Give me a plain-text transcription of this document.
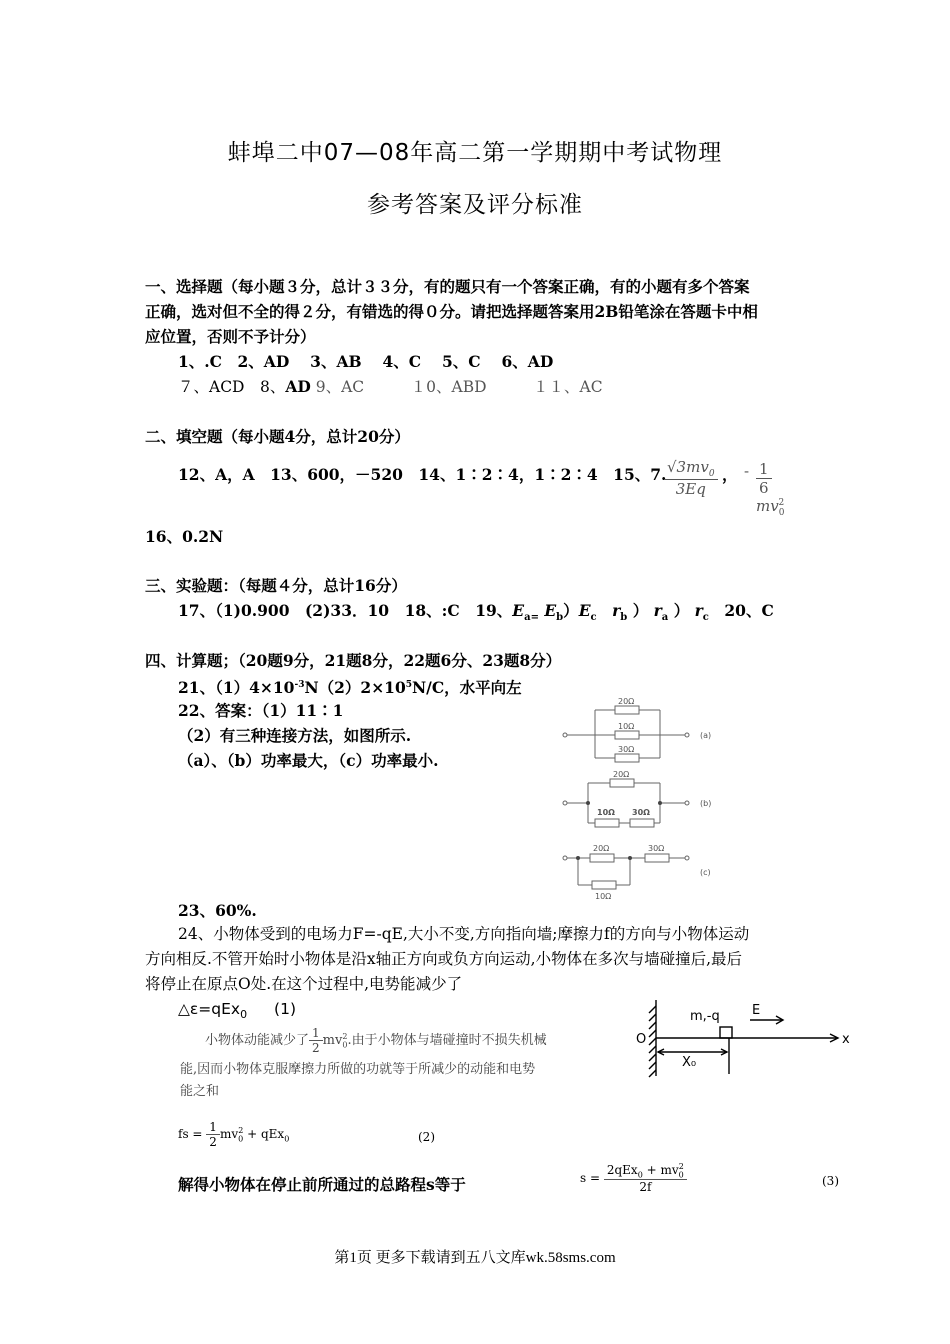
蚌埠二中07—08年高二第一学期期中考试物理
参考答案及评分标准
一、选择题（每小题３分，总计３３分，有的题只有一个答案正确，有的小题有多个答案
正确，选对但不全的得２分，有错选的得０分。请把选择题答案用2B铅笔涂在答题卡中相
应位置，否则不予计分）
1、.C　2、AD　 3、AB　 4、C　 5、C　 6、AD
７、ACD　8、AD 9、AC　　　１0、ABD　　　１１、AC
二、填空题（每小题4分，总计20分）
12、A，A　13、600，－520　14、1∶2∶4，1∶2∶4　15、7.
$\frac{√3mv_0}{3Eq}$ ， - $\frac{1}{6}$
$mv_0^2$
16、0.2N
三、实验题：（每题４分，总计16分）
17、（1)0.900　(2)33．10　18、:C　19、$E_{a=}$ $E_b)E_c$　 $r_b$ ） $r_a$ ） $r_c$　20、C
四、计算题；（20题9分，21题8分，22题6分、23题8分）
21、$(1)4\times 10^{-3}N(2)2\times 10^5N/C$，水平向左
22、答案：（1）11∶1
（2）有三种连接方法，如图所示.
（a）、（b）功率最大，（c）功率最小.
20Ω
10Ω
30Ω
(a)
20Ω
10Ω 30Ω
(b)
20Ω	30Ω
10Ω
(c)
23、60%.
24、小物体受到的电场力F=-qE,大小不变,方向指向墙;摩擦力f的方向与小物体运动
方向相反.不管开始时小物体是沿x轴正方向或负方向运动,小物体在多次与墙碰撞后,最后
将停止在原点O处.在这个过程中,电势能减少了
△ε=qEx$_0$ (1)
小物体动能减少了 $\frac{1}{2} mv_0^2$.由于小物体与墙碰撞时不损失机械
能,因而小物体克服摩擦力所做的功就等于所减少的动能和电势
能之和
fs = $\frac{1}{2} mv_0^2 + qEx_0$	(2)
解得小物体在停止前所通过的总路程s等于	$s = \frac{2qEx_0 + mv_0^2}{2f}$	(3)
m,-q E
O	x
X₀
第1页 更多下载请到五八文库wk.58sms.com
